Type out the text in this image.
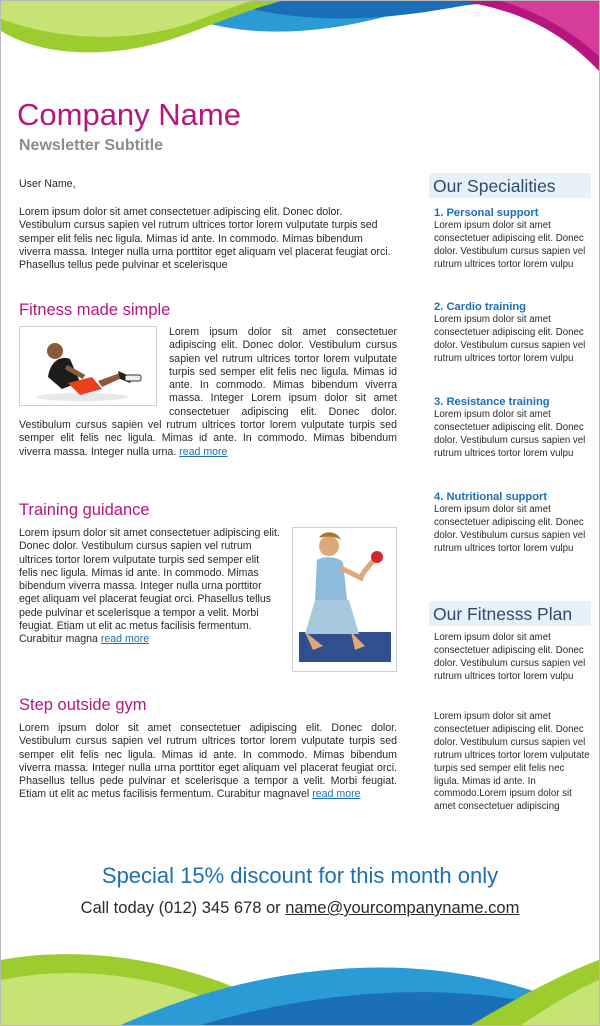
Company Name
Newsletter Subtitle
User Name,
Lorem ipsum dolor sit amet consectetuer adipiscing elit. Donec dolor. Vestibulum cursus sapien vel rutrum ultrices tortor lorem vulputate turpis sed semper elit felis nec ligula. Mimas id ante. In commodo. Mimas bibendum viverra massa. Integer nulla urna porttitor eget aliquam vel placerat feugiat orci. Phasellus tellus pede pulvinar et scelerisque
Fitness made simple
Lorem ipsum dolor sit amet consectetuer adipiscing elit. Donec dolor. Vestibulum cursus sapien vel rutrum ultrices tortor lorem vulputate turpis sed semper elit felis nec ligula. Mimas id ante. In commodo. Mimas bibendum viverra massa. Integer Lorem ipsum dolor sit amet consectetuer adipiscing elit. Donec dolor. Vestibulum cursus sapien vel rutrum ultrices tortor lorem vulputate turpis sed semper elit felis nec ligula. Mimas id ante. In commodo. Mimas bibendum viverra massa. Integer nulla urna. read more
Training guidance
Lorem ipsum dolor sit amet consectetuer adipiscing elit. Donec dolor. Vestibulum cursus sapien vel rutrum ultrices tortor lorem vulputate turpis sed semper elit felis nec ligula. Mimas id ante. In commodo. Mimas bibendum viverra massa. Integer nulla urna porttitor eget aliquam vel placerat feugiat orci. Phasellus tellus pede pulvinar et scelerisque a tempor a velit. Morbi feugiat. Etiam ut elit ac metus facilisis fermentum. Curabitur magna read more
Step outside gym
Lorem ipsum dolor sit amet consectetuer adipiscing elit. Donec dolor. Vestibulum cursus sapien vel rutrum ultrices tortor lorem vulputate turpis sed semper elit felis nec ligula. Mimas id ante. In commodo. Mimas bibendum viverra massa. Integer nulla urna porttitor eget aliquam vel placerat feugiat orci. Phasellus tellus pede pulvinar et scelerisque a tempor a velit. Morbi feugiat. Etiam ut elit ac metus facilisis fermentum. Curabitur magnavel read more
Our Specialities
1. Personal support
Lorem ipsum dolor sit amet consectetuer adipiscing elit. Donec dolor. Vestibulum cursus sapien vel rutrum ultrices tortor lorem vulpu
2. Cardio training
Lorem ipsum dolor sit amet consectetuer adipiscing elit. Donec dolor. Vestibulum cursus sapien vel rutrum ultrices tortor lorem vulpu
3. Resistance training
Lorem ipsum dolor sit amet consectetuer adipiscing elit. Donec dolor. Vestibulum cursus sapien vel rutrum ultrices tortor lorem vulpu
4. Nutritional support
Lorem ipsum dolor sit amet consectetuer adipiscing elit. Donec dolor. Vestibulum cursus sapien vel rutrum ultrices tortor lorem vulpu
Our Fitnesss Plan
Lorem ipsum dolor sit amet consectetuer adipiscing elit. Donec dolor. Vestibulum cursus sapien vel rutrum ultrices tortor lorem vulpu
Lorem ipsum dolor sit amet consectetuer adipiscing elit. Donec dolor. Vestibulum cursus sapien vel rutrum ultrices tortor lorem vulputate turpis sed semper elit felis nec ligula. Mimas id ante. In commodo.Lorem ipsum dolor sit amet consectetuer adipiscing
Special 15% discount for this month only
Call today (012) 345 678 or name@yourcompanyname.com
